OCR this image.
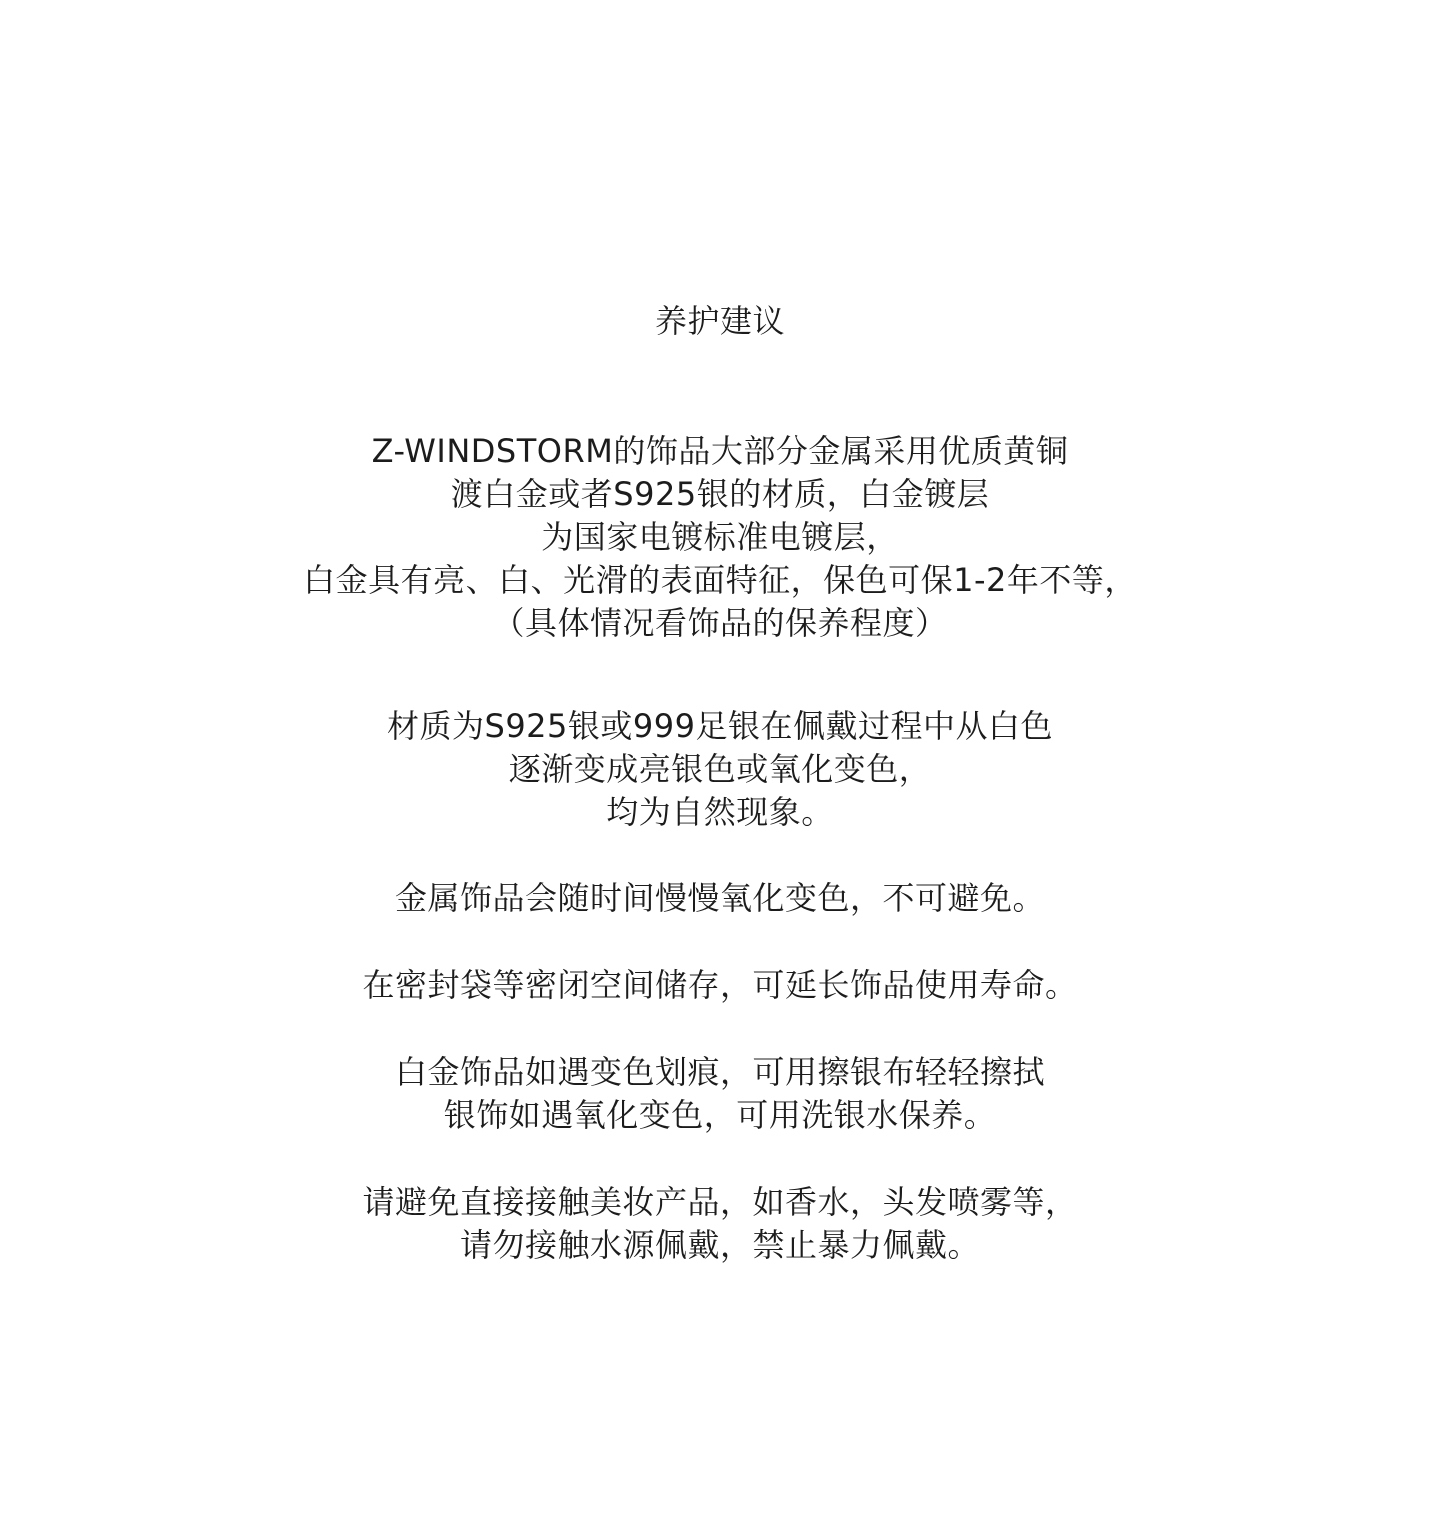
养护建议
Z-WINDSTORM的饰品大部分金属采用优质黄铜
渡白金或者S925银的材质，白金镀层
为国家电镀标准电镀层，
白金具有亮、白、光滑的表面特征，保色可保1-2年不等，
（具体情况看饰品的保养程度）
材质为S925银或999足银在佩戴过程中从白色
逐渐变成亮银色或氧化变色，
均为自然现象。
金属饰品会随时间慢慢氧化变色，不可避免。
在密封袋等密闭空间储存，可延长饰品使用寿命。
白金饰品如遇变色划痕，可用擦银布轻轻擦拭
银饰如遇氧化变色，可用洗银水保养。
请避免直接接触美妆产品，如香水，头发喷雾等，
请勿接触水源佩戴，禁止暴力佩戴。
